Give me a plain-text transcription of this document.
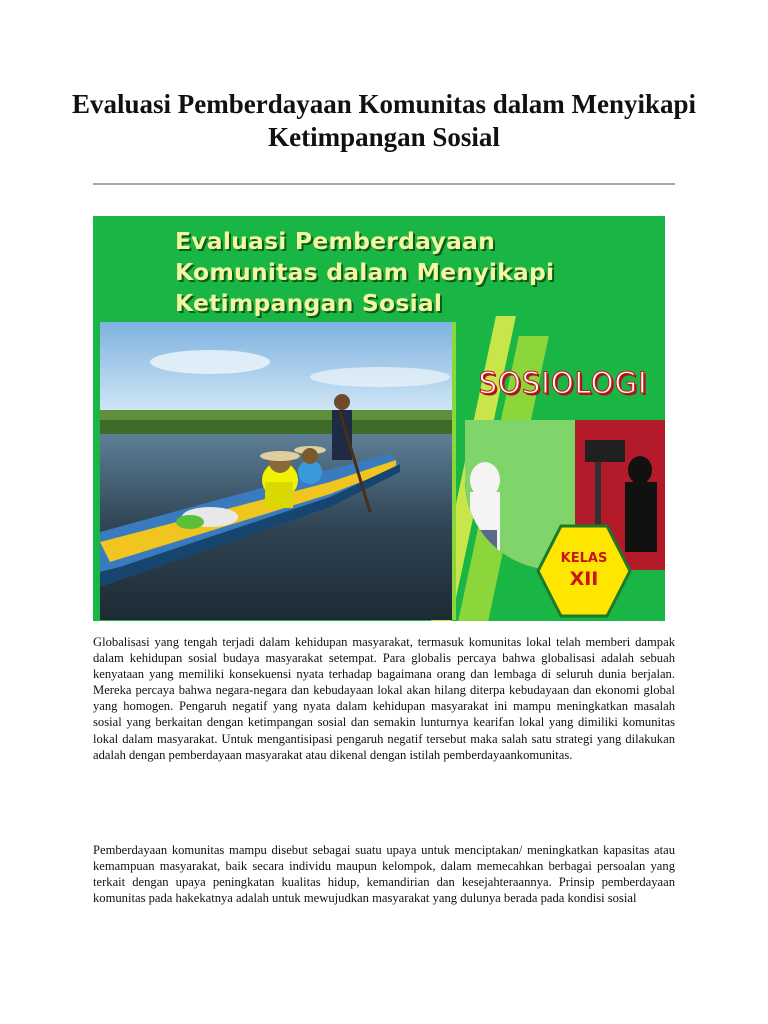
Evaluasi Pemberdayaan Komunitas dalam Menyikapi Ketimpangan Sosial
Evaluasi Pemberdayaan
Komunitas dalam Menyikapi
Ketimpangan Sosial
SOSIOLOGI
KELAS
XII
Globalisasi yang tengah terjadi dalam kehidupan masyarakat, termasuk komunitas lokal telah memberi dampak dalam kehidupan sosial budaya masyarakat setempat. Para globalis percaya bahwa globalisasi adalah sebuah kenyataan yang memiliki konsekuensi nyata terhadap bagaimana orang dan lembaga di seluruh dunia berjalan. Mereka percaya bahwa negara-negara dan kebudayaan lokal akan hilang diterpa kebudayaan dan ekonomi global yang homogen. Pengaruh negatif yang nyata dalam kehidupan masyarakat ini mampu meningkatkan masalah sosial yang berkaitan dengan ketimpangan sosial dan semakin lunturnya kearifan lokal yang dimiliki komunitas lokal dalam masyarakat. Untuk mengantisipasi pengaruh negatif tersebut maka salah satu strategi yang dilakukan adalah dengan pemberdayaan masyarakat atau dikenal dengan istilah pemberdayaankomunitas.
Pemberdayaan komunitas mampu disebut sebagai suatu upaya untuk menciptakan/ meningkatkan kapasitas atau kemampuan masyarakat, baik secara individu maupun kelompok, dalam memecahkan berbagai persoalan yang terkait dengan upaya peningkatan kualitas hidup, kemandirian dan kesejahteraannya. Prinsip pemberdayaan komunitas pada hakekatnya adalah untuk mewujudkan masyarakat yang dulunya berada pada kondisi sosial
